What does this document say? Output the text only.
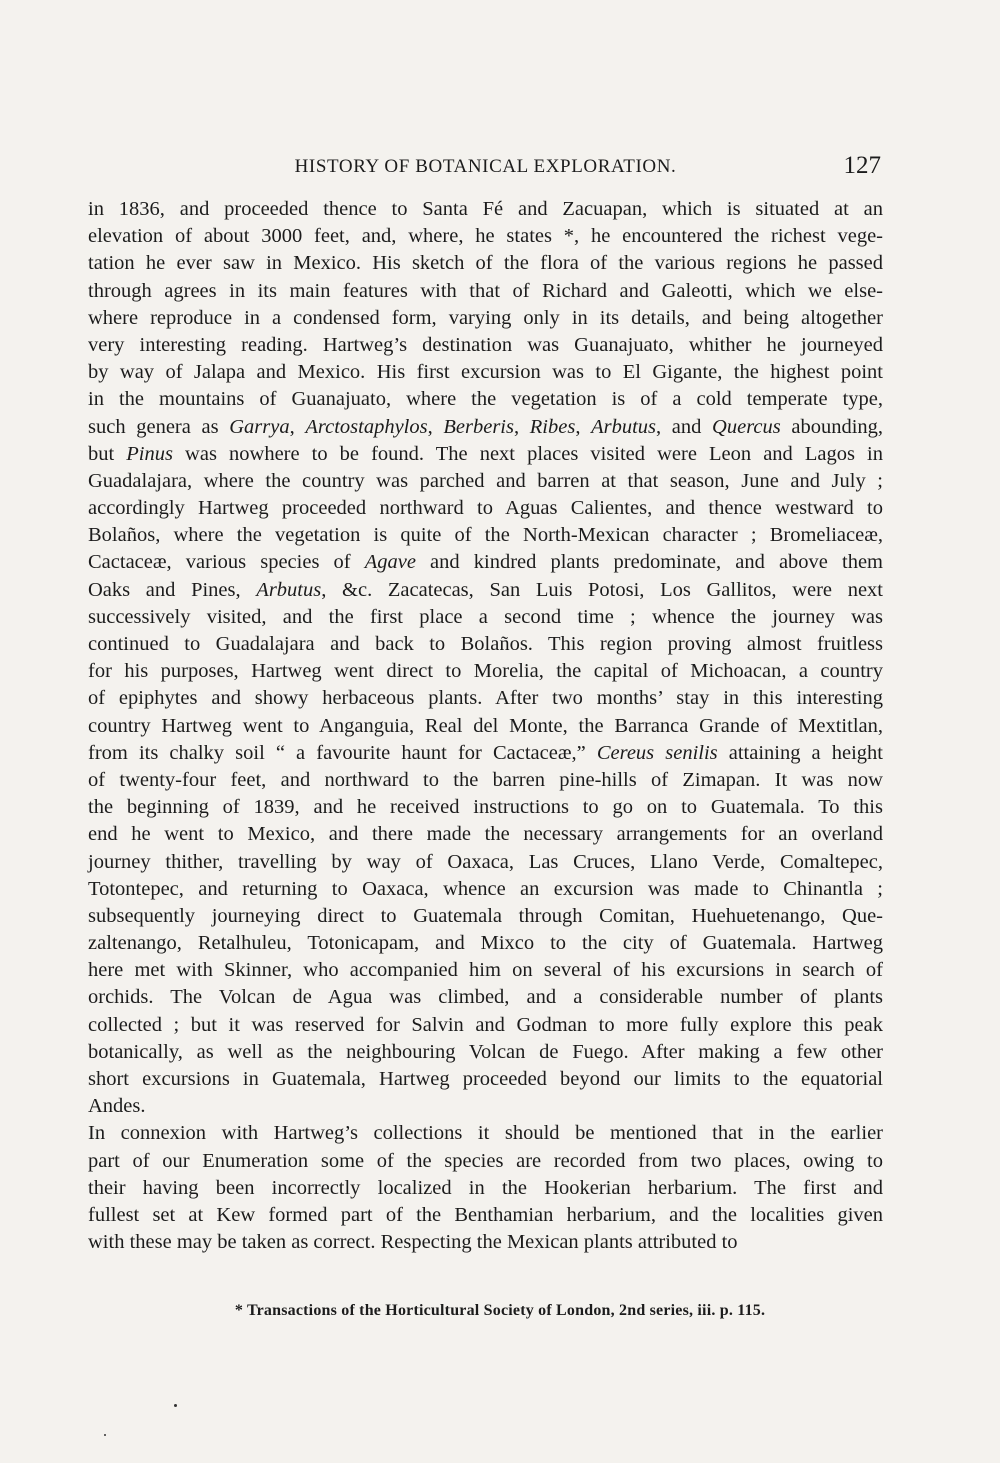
HISTORY OF BOTANICAL EXPLORATION.	127
in 1836, and proceeded thence to Santa Fé and Zacuapan, which is situated at an
elevation of about 3000 feet, and, where, he states *, he encountered the richest vege-
tation he ever saw in Mexico. His sketch of the flora of the various regions he passed
through agrees in its main features with that of Richard and Galeotti, which we else-
where reproduce in a condensed form, varying only in its details, and being altogether
very interesting reading. Hartweg’s destination was Guanajuato, whither he journeyed
by way of Jalapa and Mexico. His first excursion was to El Gigante, the highest point
in the mountains of Guanajuato, where the vegetation is of a cold temperate type,
such genera as Garrya, Arctostaphylos, Berberis, Ribes, Arbutus, and Quercus abounding,
but Pinus was nowhere to be found. The next places visited were Leon and Lagos in
Guadalajara, where the country was parched and barren at that season, June and July ;
accordingly Hartweg proceeded northward to Aguas Calientes, and thence westward to
Bolaños, where the vegetation is quite of the North-Mexican character ; Bromeliaceæ,
Cactaceæ, various species of Agave and kindred plants predominate, and above them
Oaks and Pines, Arbutus, &c. Zacatecas, San Luis Potosi, Los Gallitos, were next
successively visited, and the first place a second time ; whence the journey was
continued to Guadalajara and back to Bolaños. This region proving almost fruitless
for his purposes, Hartweg went direct to Morelia, the capital of Michoacan, a country
of epiphytes and showy herbaceous plants. After two months’ stay in this interesting
country Hartweg went to Anganguia, Real del Monte, the Barranca Grande of Mextitlan,
from its chalky soil “ a favourite haunt for Cactaceæ,” Cereus senilis attaining a height
of twenty-four feet, and northward to the barren pine-hills of Zimapan. It was now
the beginning of 1839, and he received instructions to go on to Guatemala. To this
end he went to Mexico, and there made the necessary arrangements for an overland
journey thither, travelling by way of Oaxaca, Las Cruces, Llano Verde, Comaltepec,
Totontepec, and returning to Oaxaca, whence an excursion was made to Chinantla ;
subsequently journeying direct to Guatemala through Comitan, Huehuetenango, Que-
zaltenango, Retalhuleu, Totonicapam, and Mixco to the city of Guatemala. Hartweg
here met with Skinner, who accompanied him on several of his excursions in search of
orchids. The Volcan de Agua was climbed, and a considerable number of plants
collected ; but it was reserved for Salvin and Godman to more fully explore this peak
botanically, as well as the neighbouring Volcan de Fuego. After making a few other
short excursions in Guatemala, Hartweg proceeded beyond our limits to the equatorial
Andes.
In connexion with Hartweg’s collections it should be mentioned that in the earlier
part of our Enumeration some of the species are recorded from two places, owing to
their having been incorrectly localized in the Hookerian herbarium. The first and
fullest set at Kew formed part of the Benthamian herbarium, and the localities given
with these may be taken as correct. Respecting the Mexican plants attributed to
* Transactions of the Horticultural Society of London, 2nd series, iii. p. 115.
